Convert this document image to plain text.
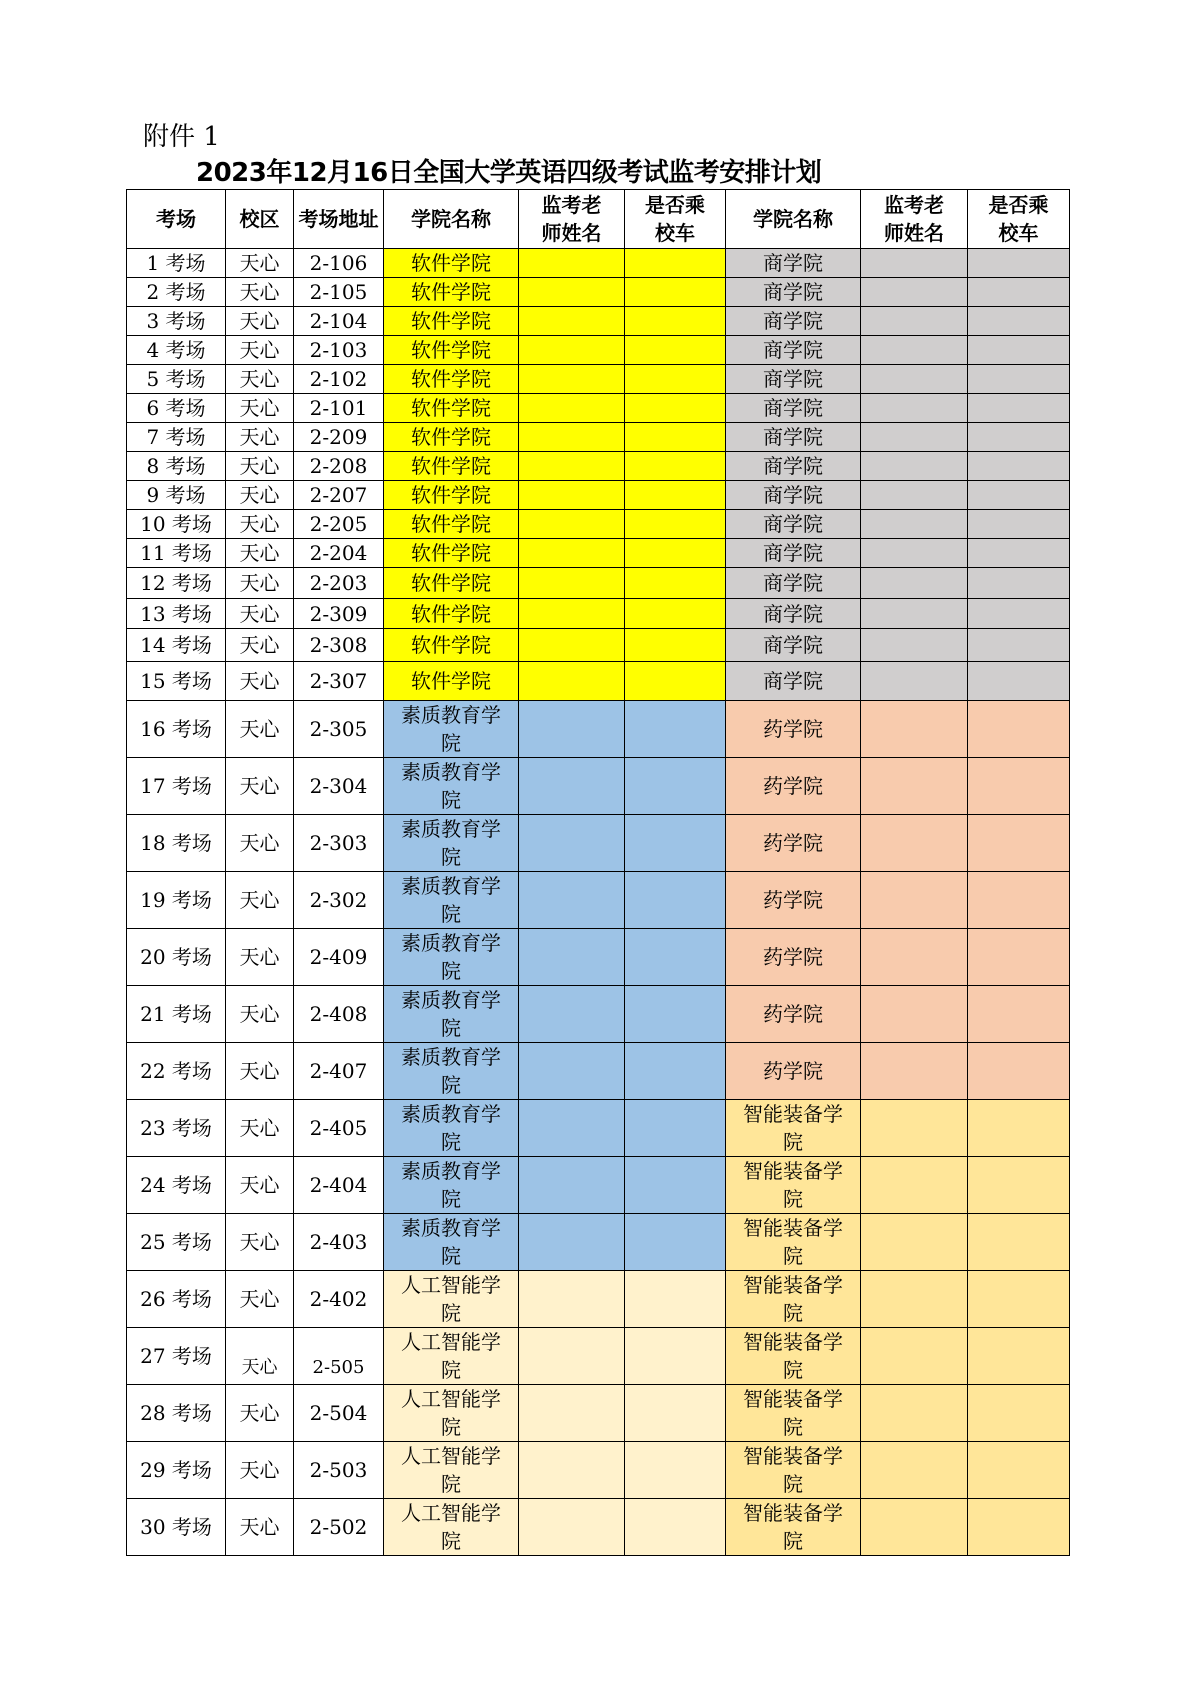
附件 1
2023年12月16日全国大学英语四级考试监考安排计划
考场	校区	考场地址	学院名称	监考老师姓名	是否乘校车	学院名称	监考老师姓名	是否乘校车

1 考场	天心	2-106	软件学院			商学院		

2 考场	天心	2-105	软件学院			商学院		

3 考场	天心	2-104	软件学院			商学院		

4 考场	天心	2-103	软件学院			商学院		

5 考场	天心	2-102	软件学院			商学院		

6 考场	天心	2-101	软件学院			商学院		

7 考场	天心	2-209	软件学院			商学院		

8 考场	天心	2-208	软件学院			商学院		

9 考场	天心	2-207	软件学院			商学院		

10 考场	天心	2-205	软件学院			商学院		

11 考场	天心	2-204	软件学院			商学院		

12 考场	天心	2-203	软件学院			商学院		

13 考场	天心	2-309	软件学院			商学院		

14 考场	天心	2-308	软件学院			商学院		

15 考场	天心	2-307	软件学院			商学院		

16 考场	天心	2-305	素质教育学院			药学院		

17 考场	天心	2-304	素质教育学院			药学院		

18 考场	天心	2-303	素质教育学院			药学院		

19 考场	天心	2-302	素质教育学院			药学院		

20 考场	天心	2-409	素质教育学院			药学院		

21 考场	天心	2-408	素质教育学院			药学院		

22 考场	天心	2-407	素质教育学院			药学院		

23 考场	天心	2-405	素质教育学院			智能装备学院		

24 考场	天心	2-404	素质教育学院			智能装备学院		

25 考场	天心	2-403	素质教育学院			智能装备学院		

26 考场	天心	2-402	人工智能学院			智能装备学院		

27 考场	天心	2-505	人工智能学院			智能装备学院		

28 考场	天心	2-504	人工智能学院			智能装备学院		

29 考场	天心	2-503	人工智能学院			智能装备学院		

30 考场	天心	2-502	人工智能学院			智能装备学院		
